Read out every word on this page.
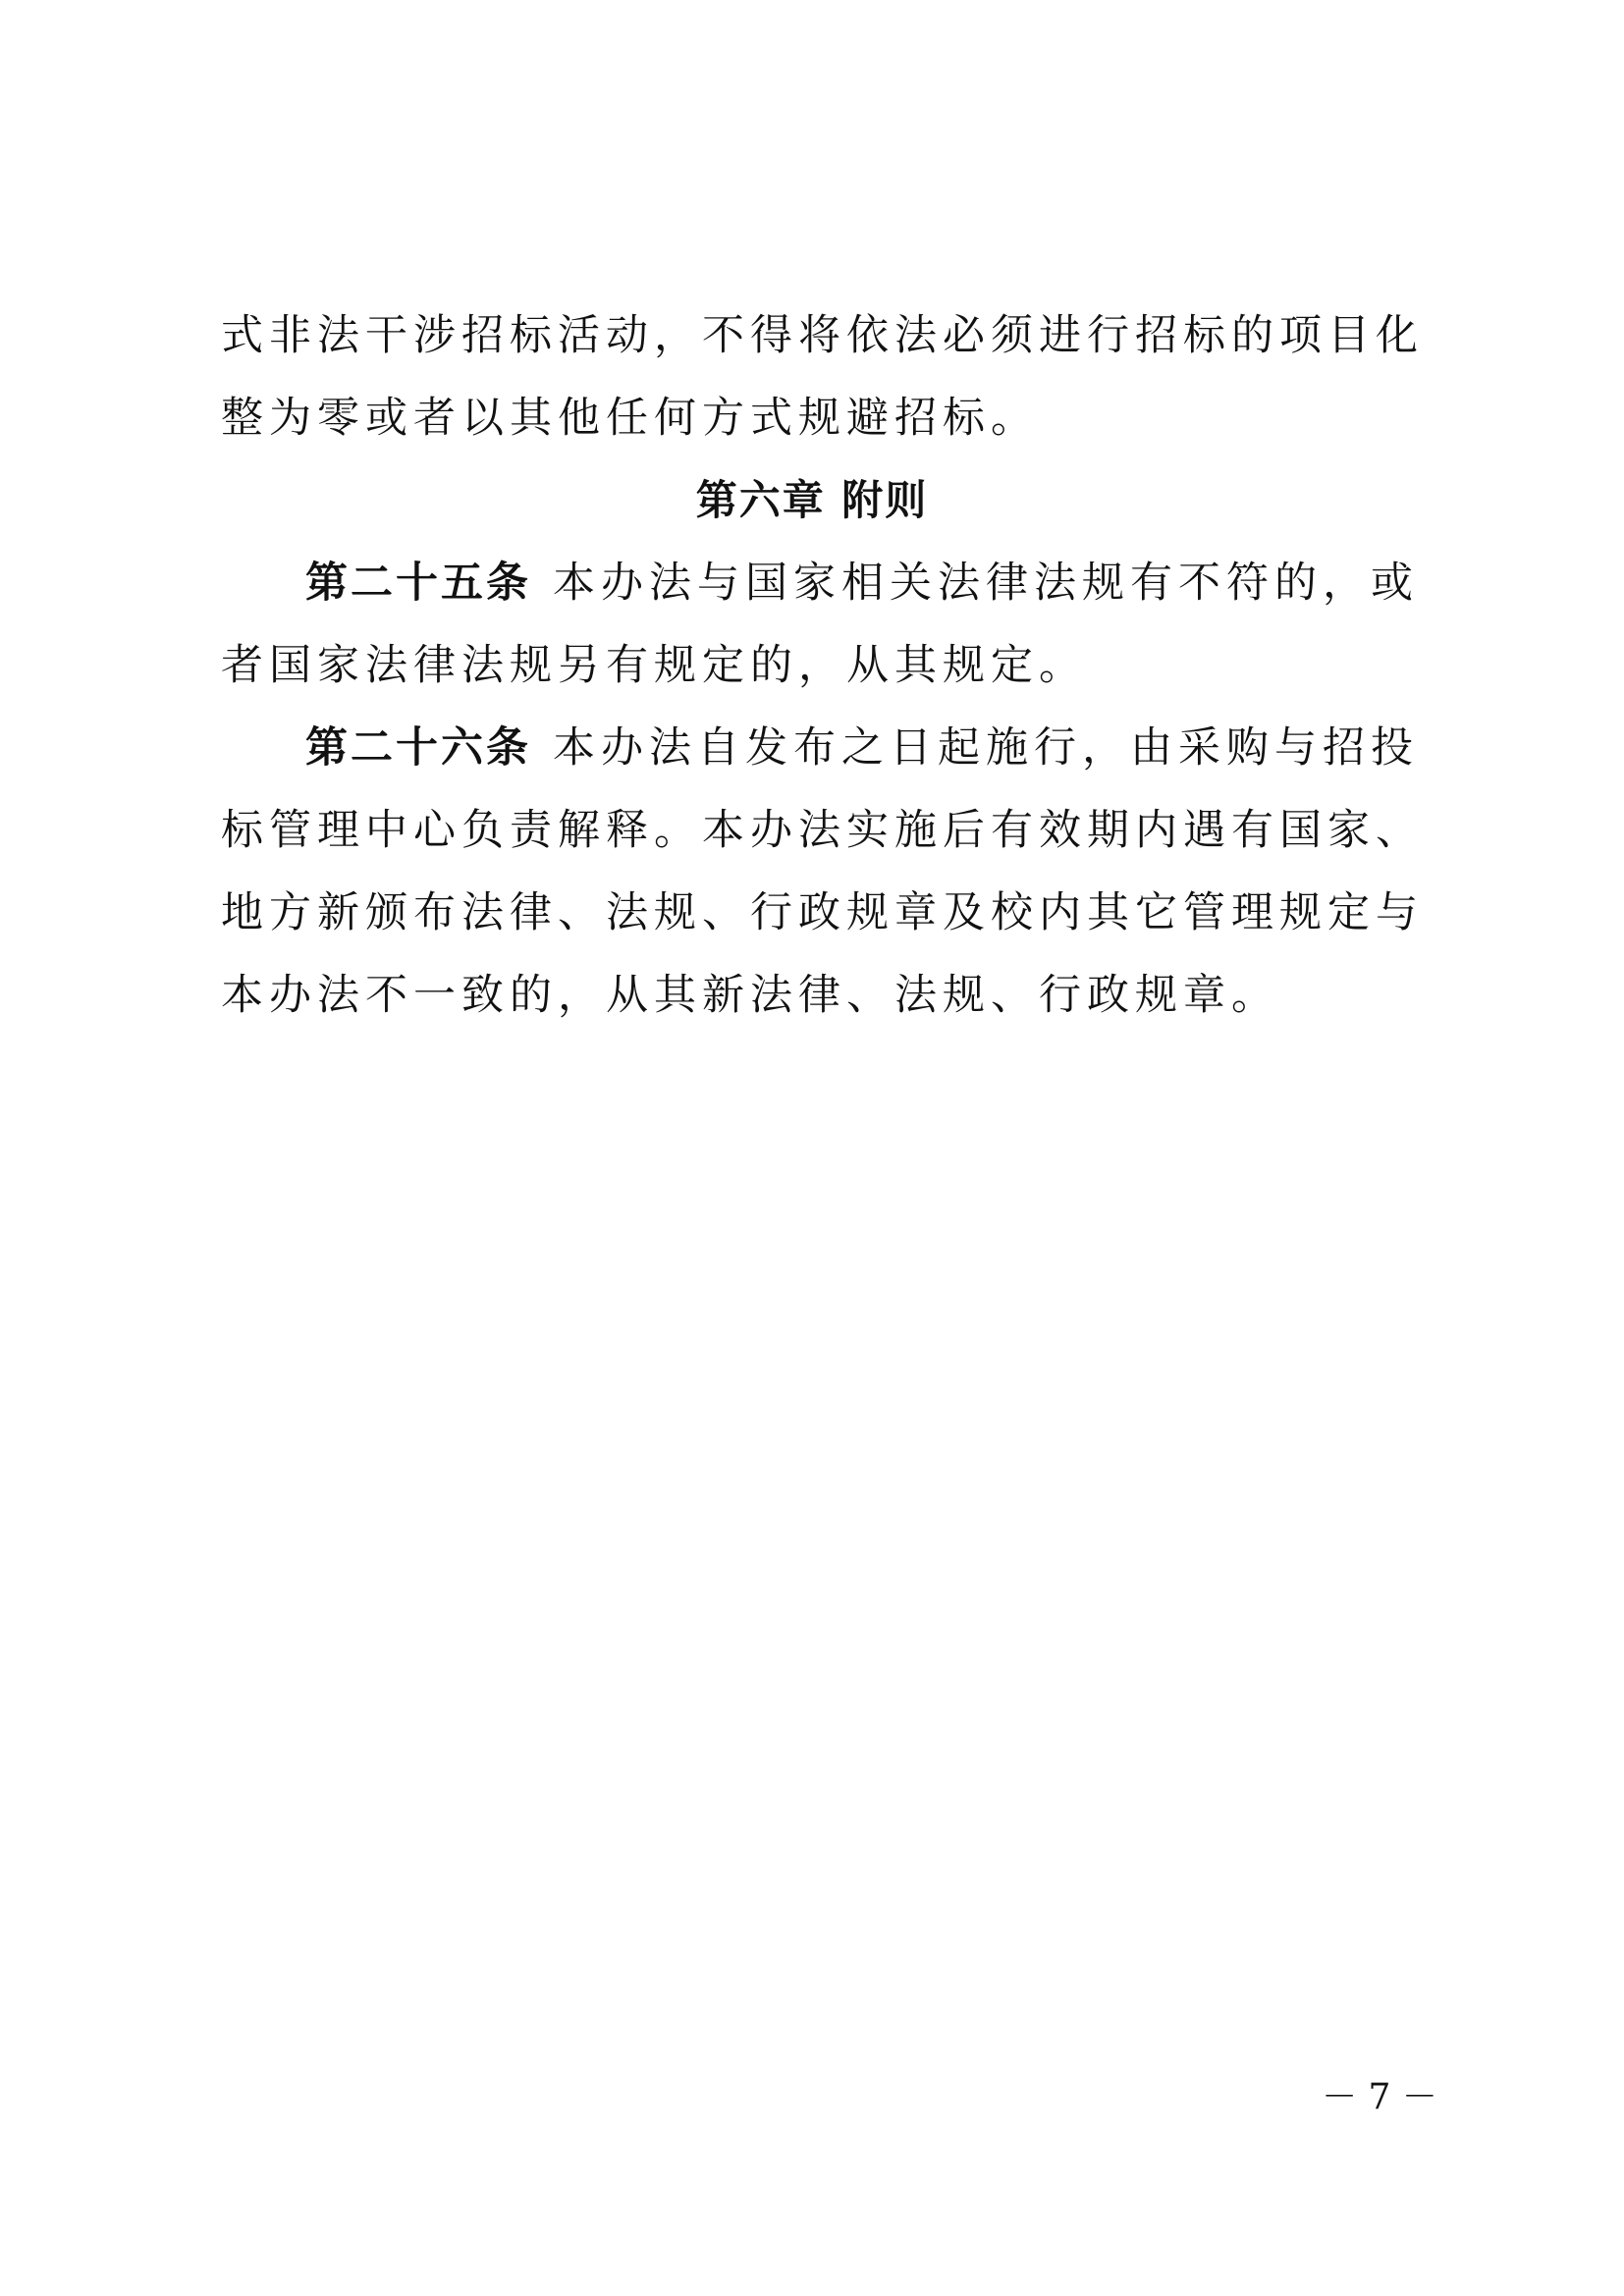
式非法干涉招标活动，不得将依法必须进行招标的项目化整为零或者以其他任何方式规避招标。

第六章 附则

第二十五条 本办法与国家相关法律法规有不符的，或者国家法律法规另有规定的，从其规定。

第二十六条 本办法自发布之日起施行，由采购与招投标管理中心负责解释。本办法实施后有效期内遇有国家、地方新颁布法律、法规、行政规章及校内其它管理规定与本办法不一致的，从其新法律、法规、行政规章。

－ 7 －
